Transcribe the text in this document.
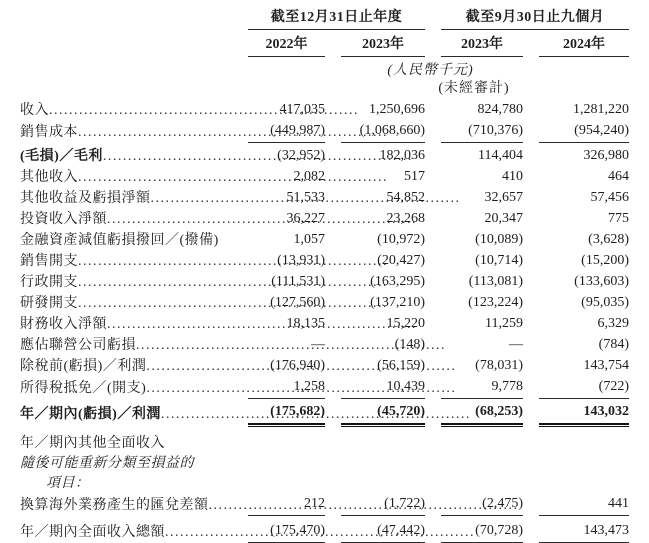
截至12月31日止年度	截至9月30日止九個月
2022年	2023年	2023年	2024年
(人民幣千元)
(未經審計)
收入 .....	417,035	1,250,696	824,780	1,281,220
銷售成本 .....	(449,987)	(1,068,660)	(710,376)	(954,240)
(毛損)／毛利 .....	(32,952)	182,036	114,404	326,980
其他收入 .....	2,082	517	410	464
其他收益及虧損淨額 .....	51,533	54,852	32,657	57,456
投資收入淨額 .....	36,227	23,268	20,347	775
金融資產減值虧損撥回／(撥備)	1,057	(10,972)	(10,089)	(3,628)
銷售開支 .....	(13,931)	(20,427)	(10,714)	(15,200)
行政開支 .....	(111,531)	(163,295)	(113,081)	(133,603)
研發開支 .....	(127,560)	(137,210)	(123,224)	(95,035)
財務收入淨額 .....	18,135	15,220	11,259	6,329
應佔聯營公司虧損 .....	—	(148)	—	(784)
除稅前(虧損)／利潤 .....	(176,940)	(56,159)	(78,031)	143,754
所得稅抵免／(開支) .....	1,258	10,439	9,778	(722)
年／期內(虧損)／利潤 .....	(175,682)	(45,720)	(68,253)	143,032
年／期內其他全面收入
隨後可能重新分類至損益的
項目：
換算海外業務產生的匯兌差額 .....	212	(1,722)	(2,475)	441
年／期內全面收入總額 .....	(175,470)	(47,442)	(70,728)	143,473
